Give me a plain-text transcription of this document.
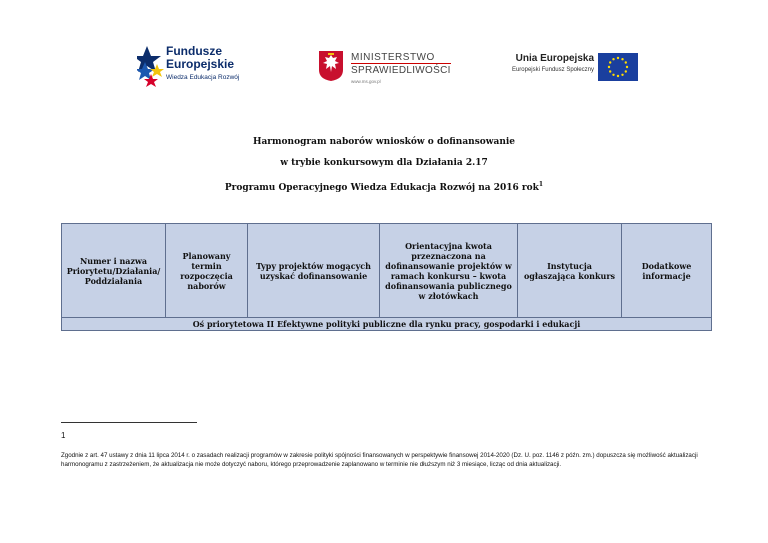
Fundusze
Europejskie
Wiedza Edukacja Rozwój
MINISTERSTWO
SPRAWIEDLIWOŚCI
www.ms.gov.pl
Unia Europejska
Europejski Fundusz Społeczny
Harmonogram naborów wniosków o dofinansowanie
w trybie konkursowym dla Działania 2.17
Programu Operacyjnego Wiedza Edukacja Rozwój na 2016 rok$^1$
Numer i nazwa Priorytetu/Działania/ Poddziałania	Planowany termin rozpoczęcia naborów	Typy projektów mogących uzyskać dofinansowanie	Orientacyjna kwota przeznaczona na dofinansowanie projektów w ramach konkursu – kwota dofinansowania publicznego w złotówkach	Instytucja ogłaszająca konkurs	Dodatkowe informacje
Oś priorytetowa II Efektywne polityki publiczne dla rynku pracy, gospodarki i edukacji
1
Zgodnie z art. 47 ustawy z dnia 11 lipca 2014 r. o zasadach realizacji programów w zakresie polityki spójności finansowanych w perspektywie finansowej 2014-2020 (Dz. U. poz. 1146 z późn. zm.) dopuszcza się możliwość aktualizacji harmonogramu z zastrzeżeniem, że aktualizacja nie może dotyczyć naboru, którego przeprowadzenie zaplanowano w terminie nie dłuższym niż 3 miesiące, licząc od dnia aktualizacji.
